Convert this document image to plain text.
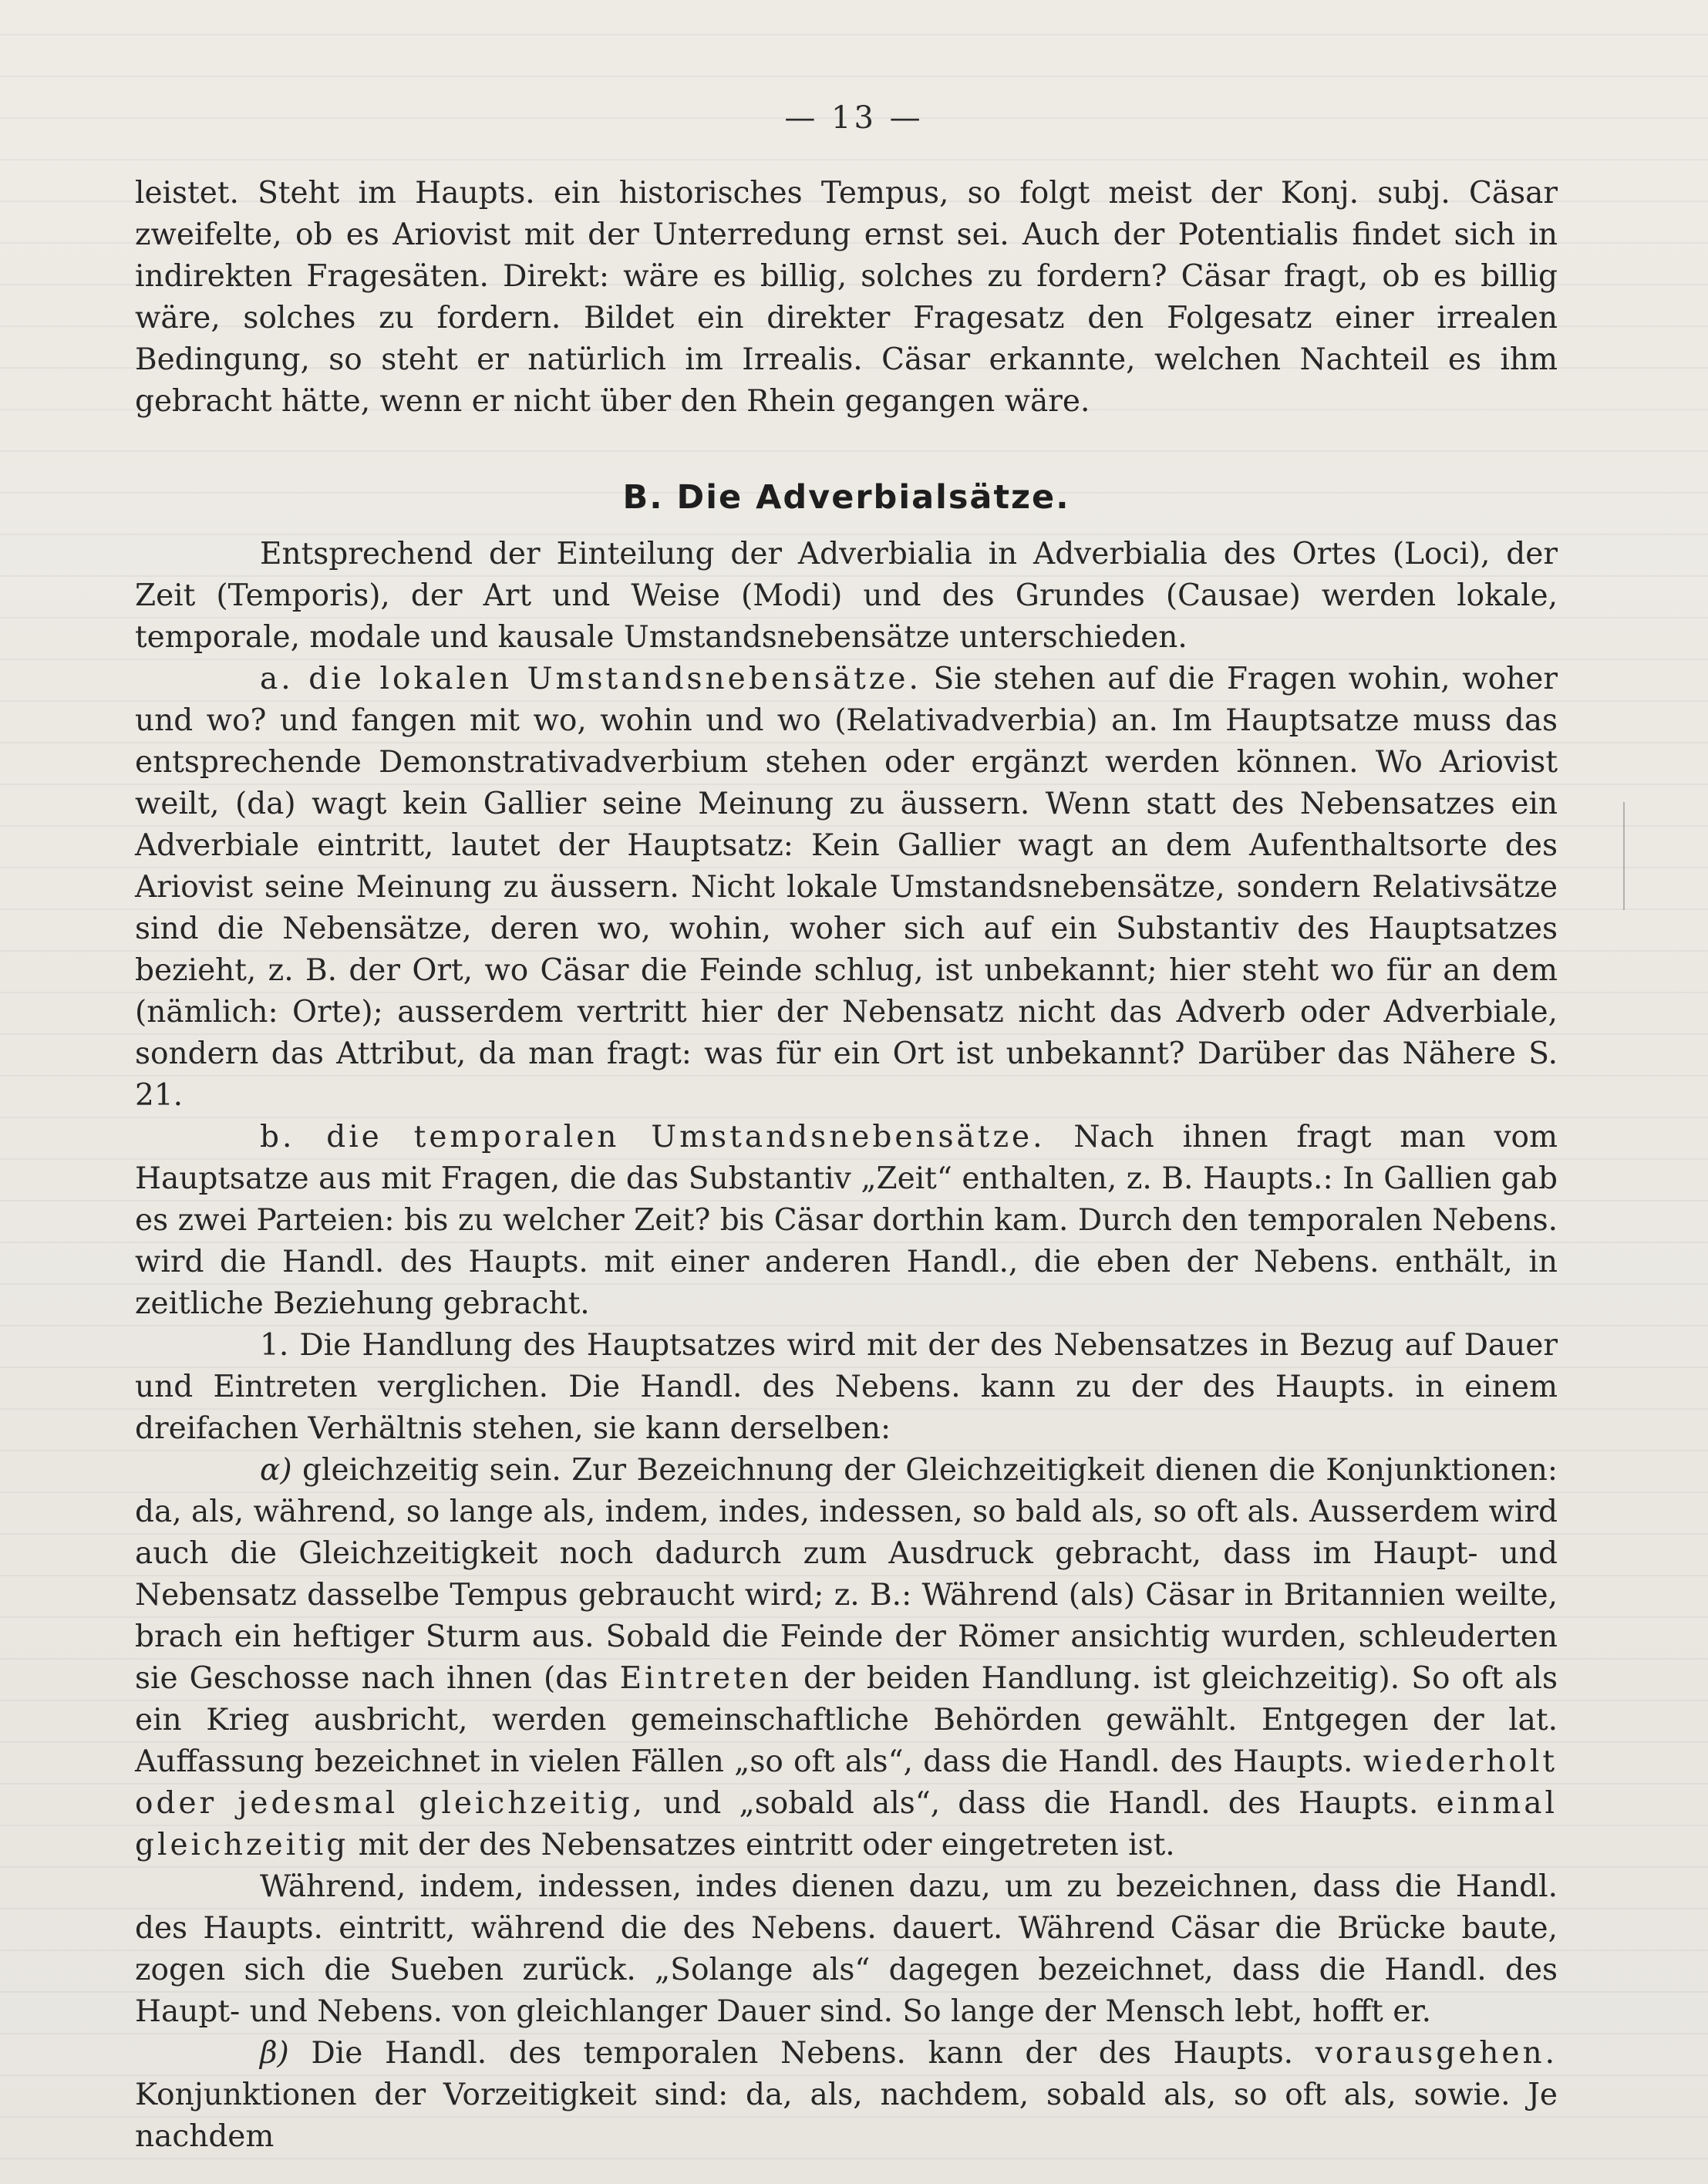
— 13 —

leistet. Steht im Haupts. ein historisches Tempus, so folgt meist der Konj. subj. Cäsar zweifelte, ob es Ariovist mit der Unterredung ernst sei. Auch der Potentialis findet sich in indirekten Fragesäten. Direkt: wäre es billig, solches zu fordern? Cäsar fragt, ob es billig wäre, solches zu fordern. Bildet ein direkter Fragesatz den Folgesatz einer irrealen Bedingung, so steht er natürlich im Irrealis. Cäsar erkannte, welchen Nachteil es ihm gebracht hätte, wenn er nicht über den Rhein gegangen wäre.

B. Die Adverbialsätze.

Entsprechend der Einteilung der Adverbialia in Adverbialia des Ortes (Loci), der Zeit (Temporis), der Art und Weise (Modi) und des Grundes (Causae) werden lokale, temporale, modale und kausale Umstandsnebensätze unterschieden.

a. die lokalen Umstandsnebensätze. Sie stehen auf die Fragen wohin, woher und wo? und fangen mit wo, wohin und wo (Relativadverbia) an. Im Hauptsatze muss das entsprechende Demonstrativadverbium stehen oder ergänzt werden können. Wo Ariovist weilt, (da) wagt kein Gallier seine Meinung zu äussern. Wenn statt des Nebensatzes ein Adverbiale eintritt, lautet der Hauptsatz: Kein Gallier wagt an dem Aufenthaltsorte des Ariovist seine Meinung zu äussern. Nicht lokale Umstandsnebensätze, sondern Relativsätze sind die Nebensätze, deren wo, wohin, woher sich auf ein Substantiv des Hauptsatzes bezieht, z. B. der Ort, wo Cäsar die Feinde schlug, ist unbekannt; hier steht wo für an dem (nämlich: Orte); ausserdem vertritt hier der Nebensatz nicht das Adverb oder Adverbiale, sondern das Attribut, da man fragt: was für ein Ort ist unbekannt? Darüber das Nähere S. 21.

b. die temporalen Umstandsnebensätze. Nach ihnen fragt man vom Hauptsatze aus mit Fragen, die das Substantiv „Zeit“ enthalten, z. B. Haupts.: In Gallien gab es zwei Parteien: bis zu welcher Zeit? bis Cäsar dorthin kam. Durch den temporalen Nebens. wird die Handl. des Haupts. mit einer anderen Handl., die eben der Nebens. enthält, in zeitliche Beziehung gebracht.

1. Die Handlung des Hauptsatzes wird mit der des Nebensatzes in Bezug auf Dauer und Eintreten verglichen. Die Handl. des Nebens. kann zu der des Haupts. in einem dreifachen Verhältnis stehen, sie kann derselben:

α) gleichzeitig sein. Zur Bezeichnung der Gleichzeitigkeit dienen die Konjunktionen: da, als, während, so lange als, indem, indes, indessen, so bald als, so oft als. Ausserdem wird auch die Gleichzeitigkeit noch dadurch zum Ausdruck gebracht, dass im Haupt- und Nebensatz dasselbe Tempus gebraucht wird; z. B.: Während (als) Cäsar in Britannien weilte, brach ein heftiger Sturm aus. Sobald die Feinde der Römer ansichtig wurden, schleuderten sie Geschosse nach ihnen (das Eintreten der beiden Handlung. ist gleichzeitig). So oft als ein Krieg ausbricht, werden gemeinschaftliche Behörden gewählt. Entgegen der lat. Auffassung bezeichnet in vielen Fällen „so oft als“, dass die Handl. des Haupts. wiederholt oder jedesmal gleichzeitig, und „sobald als“, dass die Handl. des Haupts. einmal gleichzeitig mit der des Nebensatzes eintritt oder eingetreten ist.

Während, indem, indessen, indes dienen dazu, um zu bezeichnen, dass die Handl. des Haupts. eintritt, während die des Nebens. dauert. Während Cäsar die Brücke baute, zogen sich die Sueben zurück. „Solange als“ dagegen bezeichnet, dass die Handl. des Haupt- und Nebens. von gleichlanger Dauer sind. So lange der Mensch lebt, hofft er.

β) Die Handl. des temporalen Nebens. kann der des Haupts. vorausgehen. Konjunktionen der Vorzeitigkeit sind: da, als, nachdem, sobald als, so oft als, sowie. Je nachdem
